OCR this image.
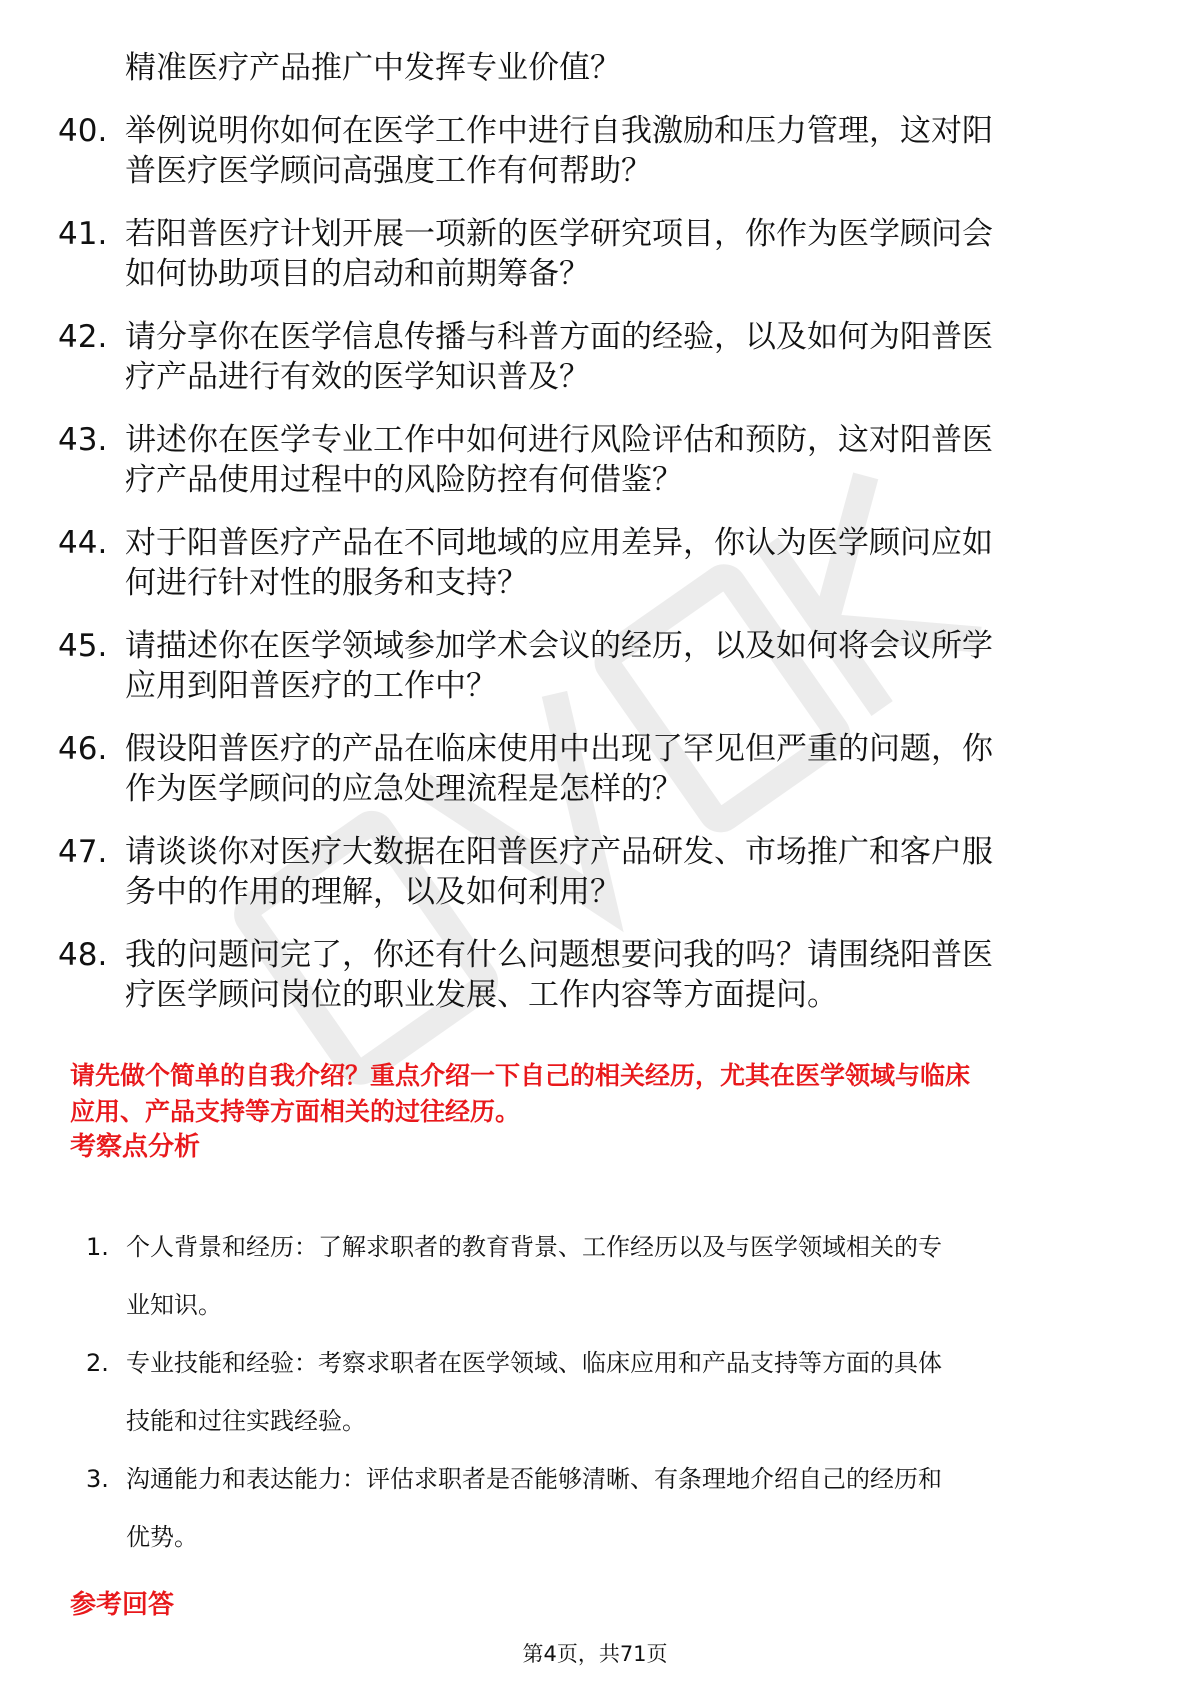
精准医疗产品推广中发挥专业价值？

40. 举例说明你如何在医学工作中进行自我激励和压力管理，这对阳

普医疗医学顾问高强度工作有何帮助？

41. 若阳普医疗计划开展一项新的医学研究项目，你作为医学顾问会

如何协助项目的启动和前期筹备？

42. 请分享你在医学信息传播与科普方面的经验，以及如何为阳普医

疗产品进行有效的医学知识普及？

43. 讲述你在医学专业工作中如何进行风险评估和预防，这对阳普医

疗产品使用过程中的风险防控有何借鉴？

44. 对于阳普医疗产品在不同地域的应用差异，你认为医学顾问应如

何进行针对性的服务和支持？

45. 请描述你在医学领域参加学术会议的经历，以及如何将会议所学

应用到阳普医疗的工作中？

46. 假设阳普医疗的产品在临床使用中出现了罕见但严重的问题，你

作为医学顾问的应急处理流程是怎样的？

47. 请谈谈你对医疗大数据在阳普医疗产品研发、市场推广和客户服

务中的作用的理解，以及如何利用？

48. 我的问题问完了，你还有什么问题想要问我的吗？请围绕阳普医

疗医学顾问岗位的职业发展、工作内容等方面提问。

请先做个简单的自我介绍？重点介绍一下自己的相关经历，尤其在医学领域与临床
应用、产品支持等方面相关的过往经历。
考察点分析

1. 个人背景和经历：了解求职者的教育背景、工作经历以及与医学领域相关的专

业知识。

2. 专业技能和经验：考察求职者在医学领域、临床应用和产品支持等方面的具体

技能和过往实践经验。

3. 沟通能力和表达能力：评估求职者是否能够清晰、有条理地介绍自己的经历和

优势。

参考回答
第4页，共71页
